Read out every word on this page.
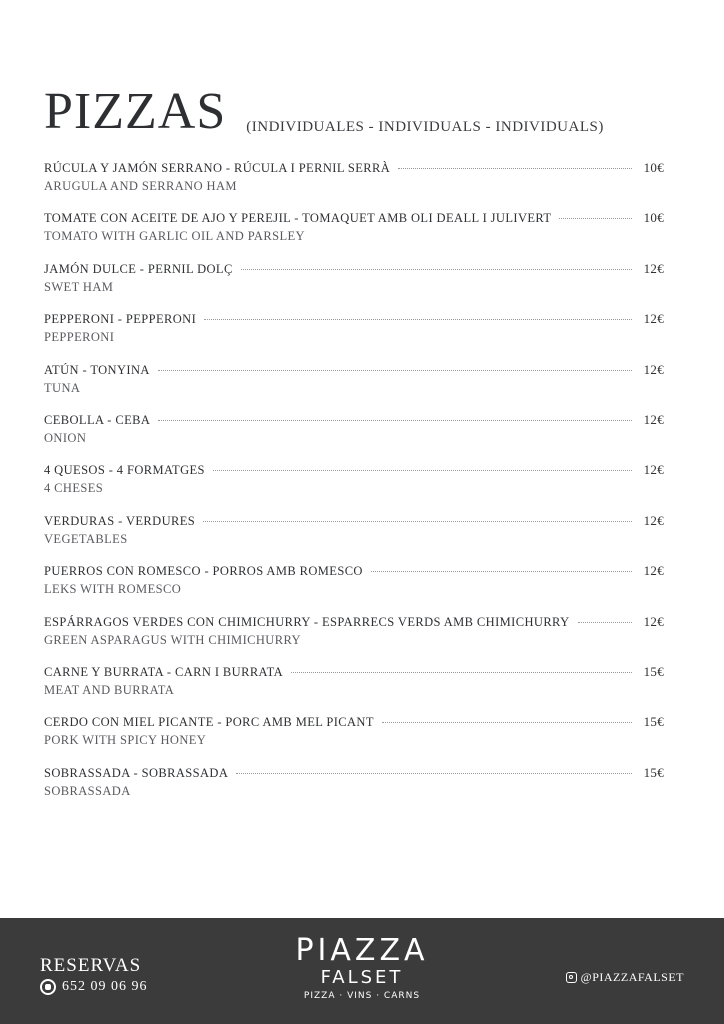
PIZZAS (INDIVIDUALES - INDIVIDUALS - INDIVIDUALS)
RÚCULA Y JAMÓN SERRANO - RÚCULA I PERNIL SERRÀ	10€
ARUGULA AND SERRANO HAM
TOMATE CON ACEITE DE AJO Y PEREJIL - TOMAQUET AMB OLI DEALL I JULIVERT	10€
TOMATO WITH GARLIC OIL AND PARSLEY
JAMÓN DULCE - PERNIL DOLÇ	12€
SWET HAM
PEPPERONI - PEPPERONI	12€
PEPPERONI
ATÚN - TONYINA	12€
TUNA
CEBOLLA - CEBA	12€
ONION
4 QUESOS - 4 FORMATGES	12€
4 CHESES
VERDURAS - VERDURES	12€
VEGETABLES
PUERROS CON ROMESCO - PORROS AMB ROMESCO	12€
LEKS WITH ROMESCO
ESPÁRRAGOS VERDES CON CHIMICHURRY - ESPARRECS VERDS AMB CHIMICHURRY	12€
GREEN ASPARAGUS WITH CHIMICHURRY
CARNE Y BURRATA - CARN I BURRATA	15€
MEAT AND BURRATA
CERDO CON MIEL PICANTE - PORC AMB MEL PICANT	15€
PORK WITH SPICY HONEY
SOBRASSADA - SOBRASSADA	15€
SOBRASSADA
RESERVAS
652 09 06 96
PIAZZA
FALSET
PIZZA · VINS · CARNS
@PIAZZAFALSET
